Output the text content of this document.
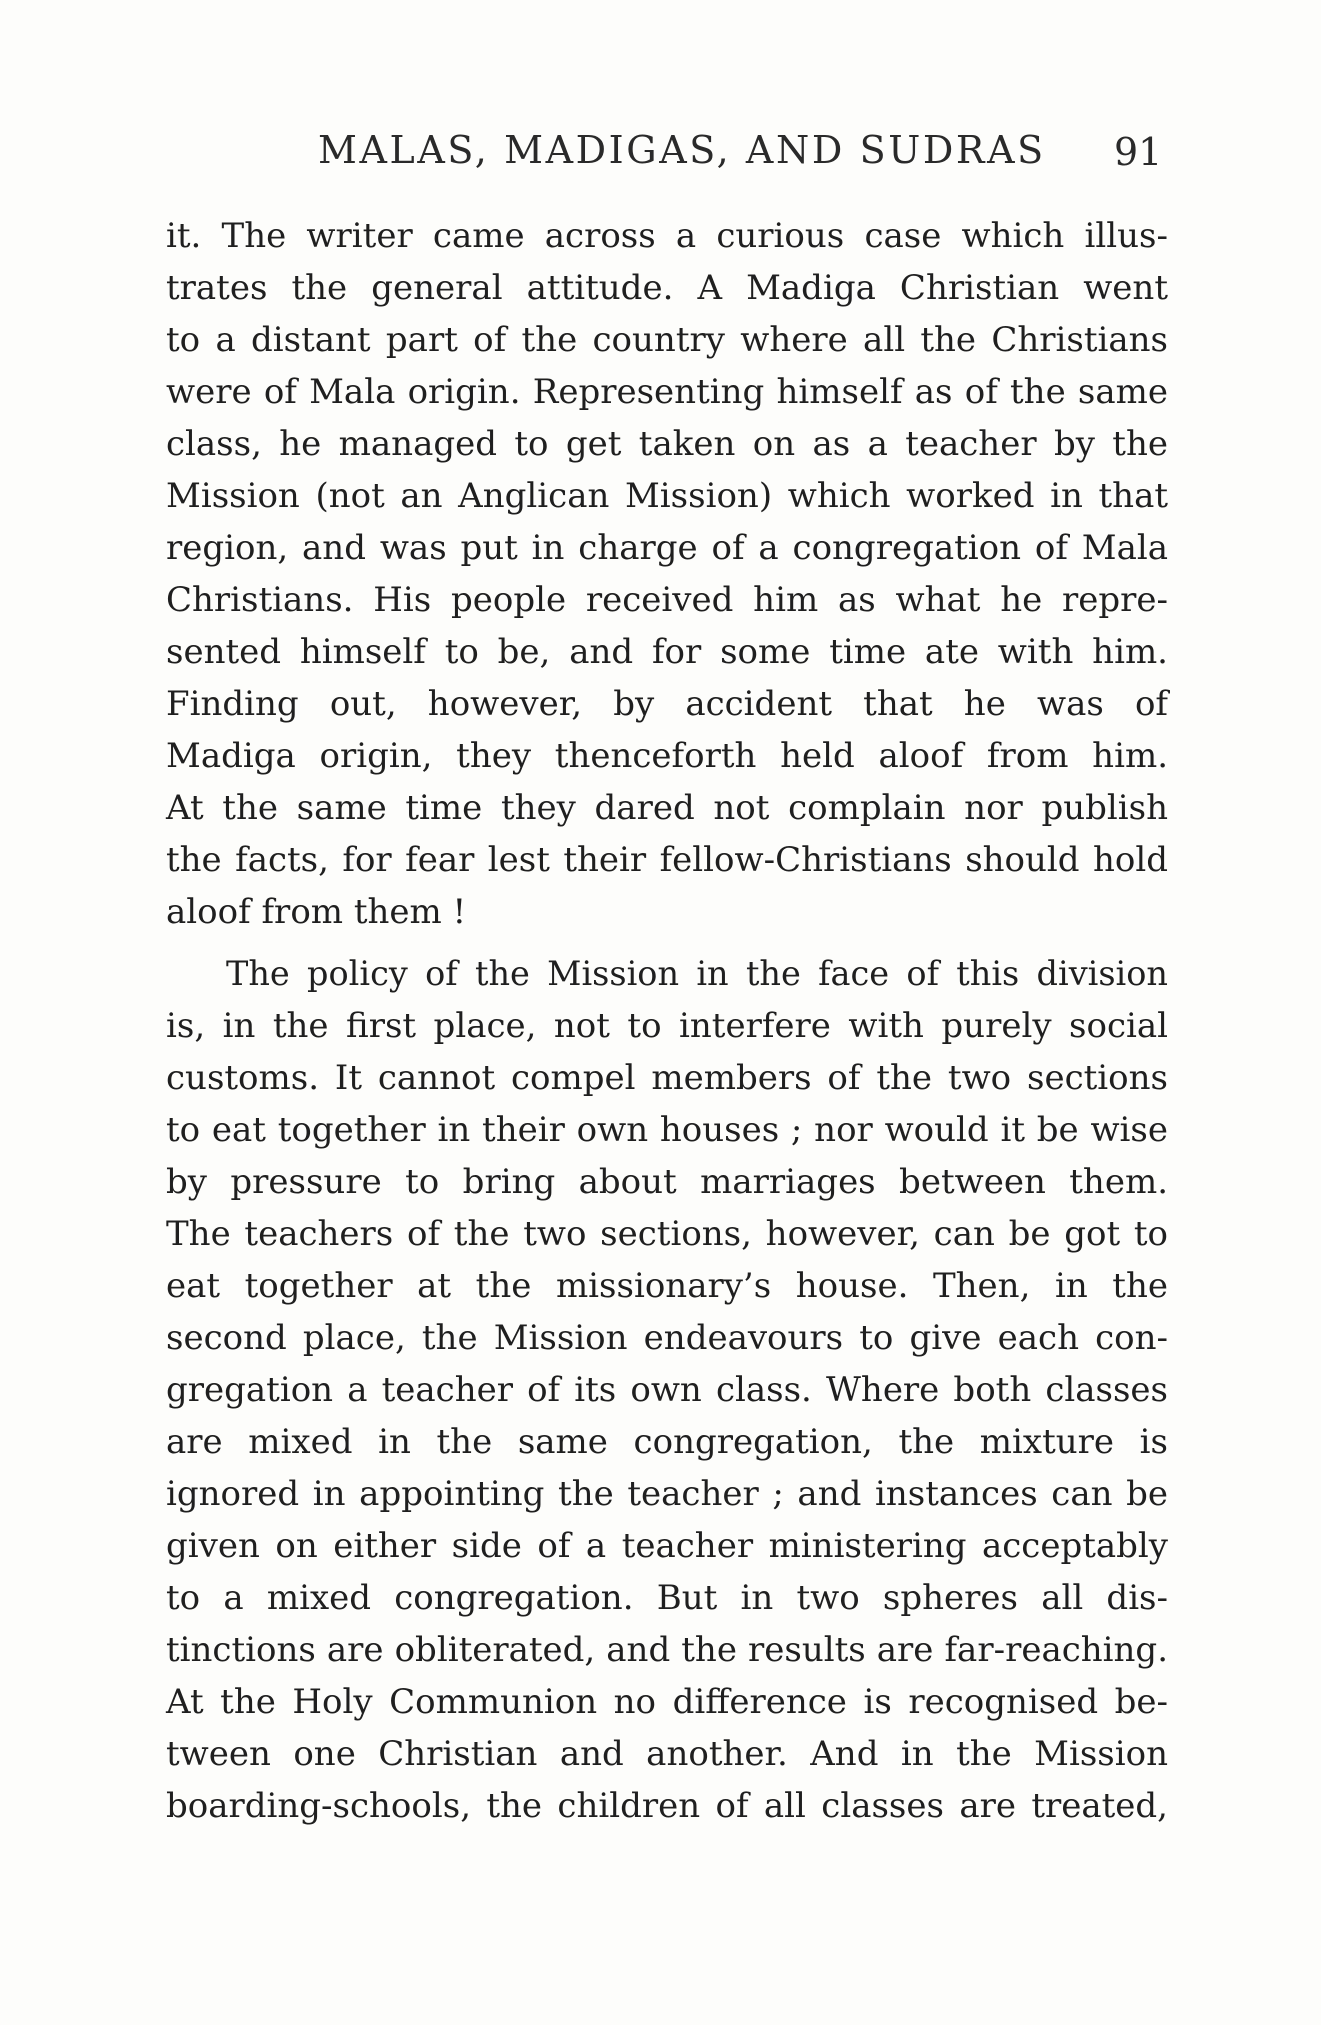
MALAS, MADIGAS, AND SUDRAS 91
it. The writer came across a curious case which illus-
trates the general attitude. A Madiga Christian went
to a distant part of the country where all the Christians
were of Mala origin. Representing himself as of the same
class, he managed to get taken on as a teacher by the
Mission (not an Anglican Mission) which worked in that
region, and was put in charge of a congregation of Mala
Christians. His people received him as what he repre-
sented himself to be, and for some time ate with him.
Finding out, however, by accident that he was of
Madiga origin, they thenceforth held aloof from him.
At the same time they dared not complain nor publish
the facts, for fear lest their fellow-Christians should hold
aloof from them !
The policy of the Mission in the face of this division
is, in the first place, not to interfere with purely social
customs. It cannot compel members of the two sections
to eat together in their own houses ; nor would it be wise
by pressure to bring about marriages between them.
The teachers of the two sections, however, can be got to
eat together at the missionary’s house. Then, in the
second place, the Mission endeavours to give each con-
gregation a teacher of its own class. Where both classes
are mixed in the same congregation, the mixture is
ignored in appointing the teacher ; and instances can be
given on either side of a teacher ministering acceptably
to a mixed congregation. But in two spheres all dis-
tinctions are obliterated, and the results are far-reaching.
At the Holy Communion no difference is recognised be-
tween one Christian and another. And in the Mission
boarding-schools, the children of all classes are treated,
